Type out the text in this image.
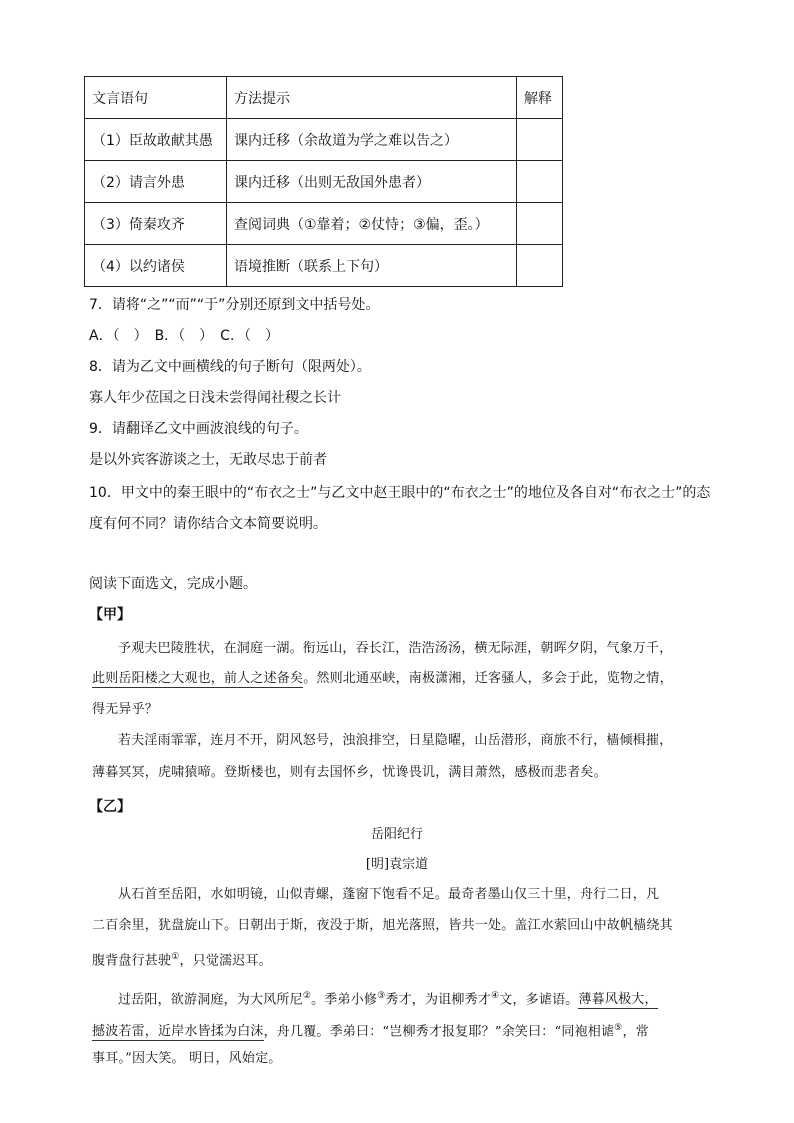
文言语句	方法提示	解释
（1）臣故敢献其愚	课内迁移（余故道为学之难以告之）	
（2）请言外患	课内迁移（出则无敌国外患者）	
（3）倚秦攻齐	查阅词典（①靠着；②仗恃；③偏，歪。）	
（4）以约诸侯	语境推断（联系上下句）	
7．请将“之”“而”“于”分别还原到文中括号处。
A．（　）　B．（　）　C．（　）
8．请为乙文中画横线的句子断句（限两处）。
寡人年少莅国之日浅未尝得闻社稷之长计
9．请翻译乙文中画波浪线的句子。
是以外宾客游谈之士，无敢尽忠于前者
10．甲文中的秦王眼中的“布衣之士”与乙文中赵王眼中的“布衣之士”的地位及各自对“布衣之士”的态
度有何不同？请你结合文本简要说明。
阅读下面选文，完成小题。
【甲】
予观夫巴陵胜状，在洞庭一湖。衔远山，吞长江，浩浩汤汤，横无际涯，朝晖夕阴，气象万千，
此则岳阳楼之大观也，前人之述备矣。然则北通巫峡，南极潇湘，迁客骚人，多会于此，览物之情，
得无异乎？
若夫淫雨霏霏，连月不开，阴风怒号，浊浪排空，日星隐曜，山岳潜形，商旅不行，樯倾楫摧，
薄暮冥冥，虎啸猿啼。登斯楼也，则有去国怀乡，忧谗畏讥，满目萧然，感极而悲者矣。
【乙】
岳阳纪行
[明]袁宗道
从石首至岳阳，水如明镜，山似青螺，蓬窗下饱看不足。最奇者墨山仅三十里，舟行二日，凡
二百余里，犹盘旋山下。日朝出于斯，夜没于斯，旭光落照，皆共一处。盖江水萦回山中故帆樯绕其
腹背盘行甚驶①，只觉濡迟耳。
过岳阳，欲游洞庭，为大风所尼②。季弟小修③秀才，为诅柳秀才④文，多谑语。薄暮风极大，
撼波若雷，近岸水皆揉为白沫，舟几覆。季弟曰：“岂柳秀才报复耶？”余笑曰：“同袍相谑⑤，常
事耳。”因大笑。 明日，风始定。
